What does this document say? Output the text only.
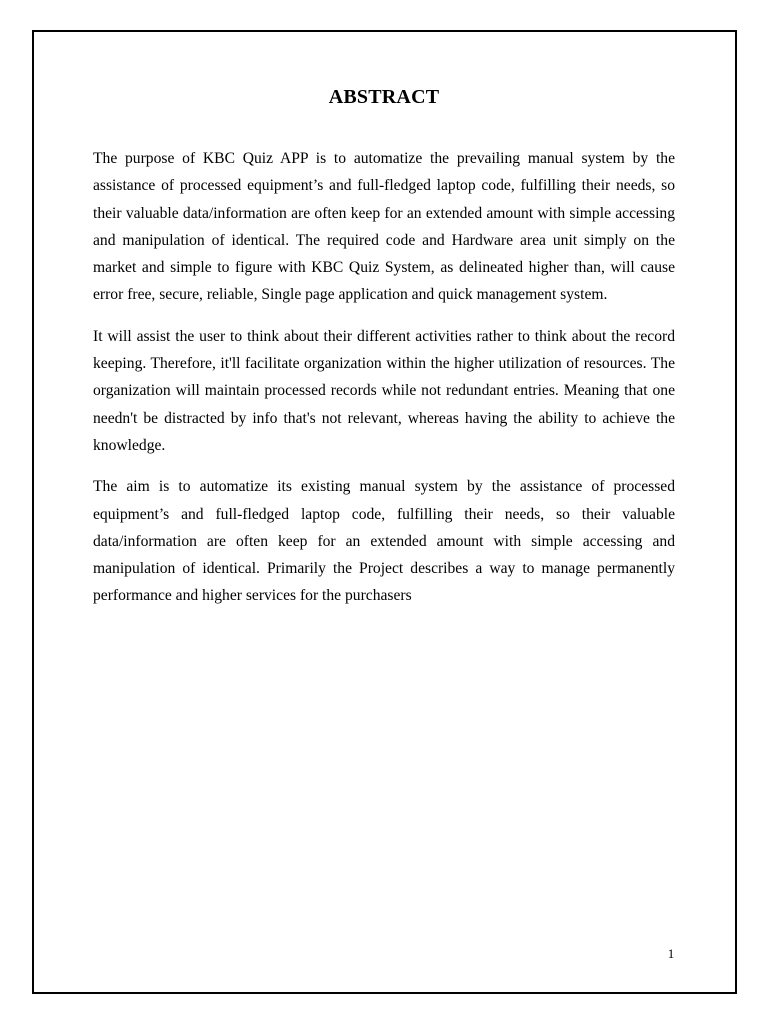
ABSTRACT

The purpose of KBC Quiz APP is to automatize the prevailing manual system by the assistance of processed equipment’s and full-fledged laptop code, fulfilling their needs, so their valuable data/information are often keep for an extended amount with simple accessing and manipulation of identical. The required code and Hardware area unit simply on the market and simple to figure with KBC Quiz System, as delineated higher than, will cause error free, secure, reliable, Single page application and quick management system.

It will assist the user to think about their different activities rather to think about the record keeping. Therefore, it'll facilitate organization within the higher utilization of resources. The organization will maintain processed records while not redundant entries. Meaning that one needn't be distracted by info that's not relevant, whereas having the ability to achieve the knowledge.

The aim is to automatize its existing manual system by the assistance of processed equipment’s and full-fledged laptop code, fulfilling their needs, so their valuable data/information are often keep for an extended amount with simple accessing and manipulation of identical. Primarily the Project describes a way to manage permanently performance and higher services for the purchasers

1
